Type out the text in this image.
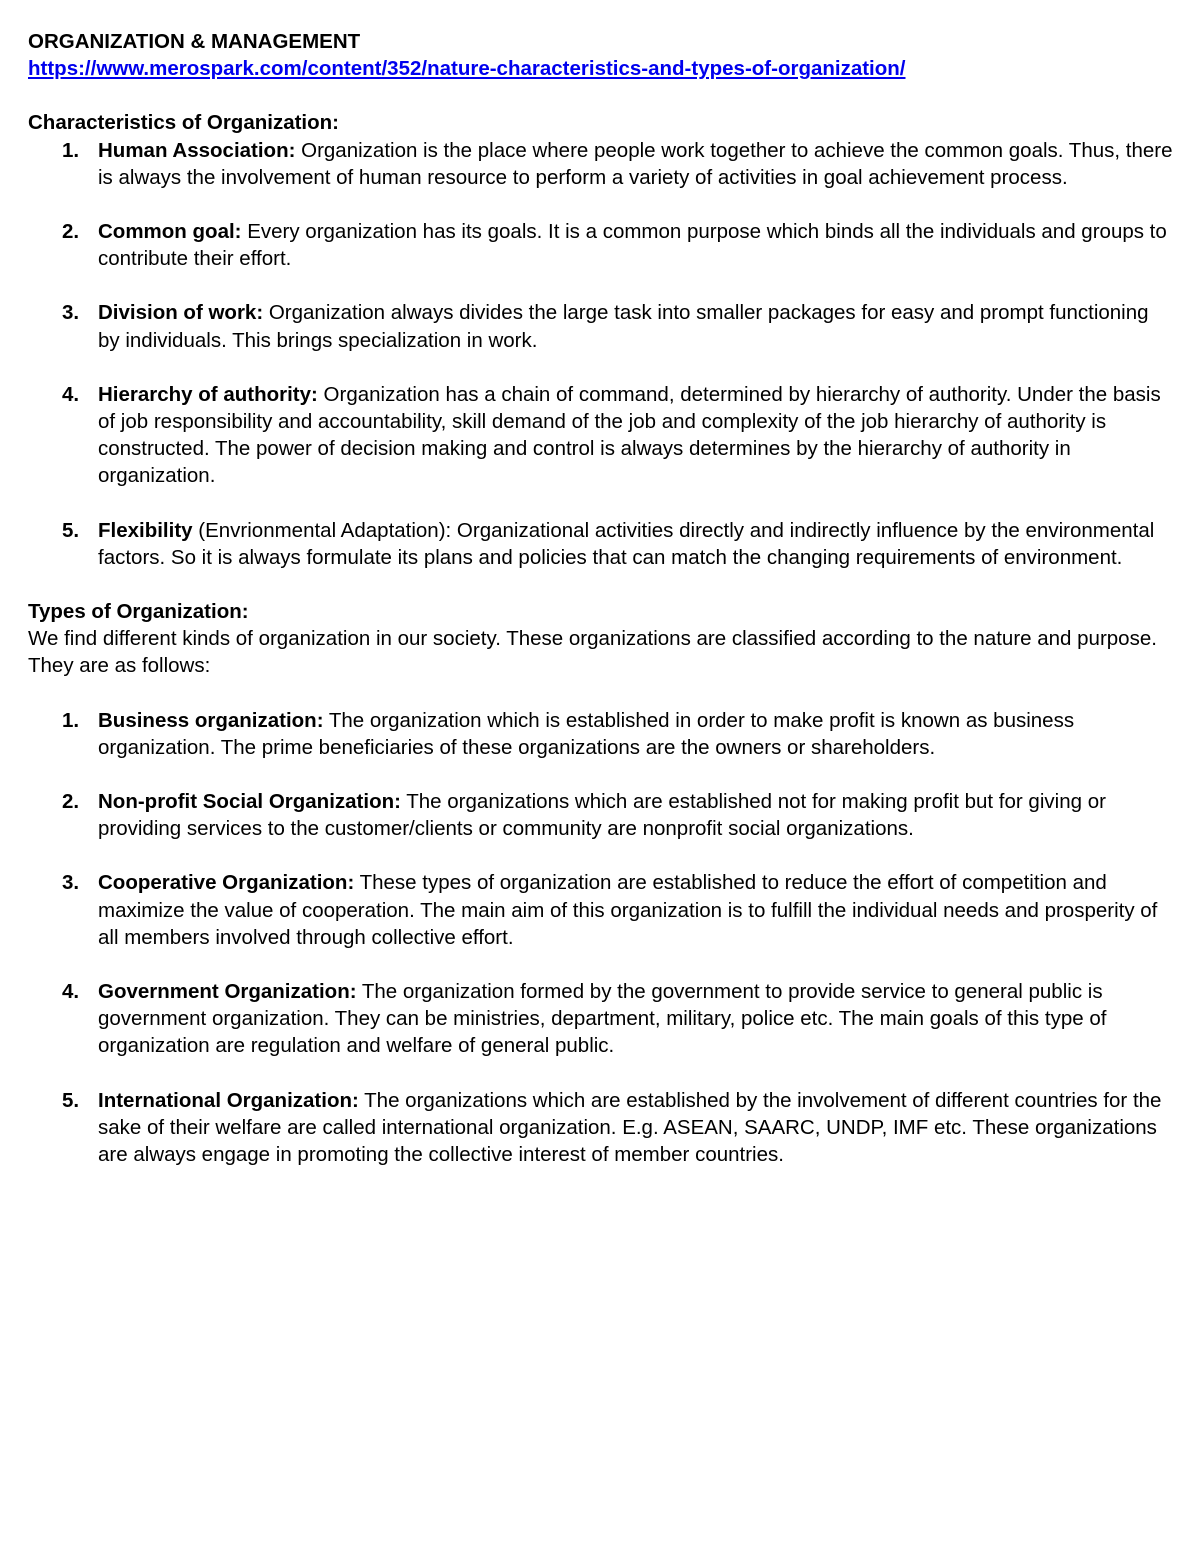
ORGANIZATION & MANAGEMENT
https://www.merospark.com/content/352/nature-characteristics-and-types-of-organization/
Characteristics of Organization:
1. Human Association: Organization is the place where people work together to achieve the common goals. Thus, there is always the involvement of human resource to perform a variety of activities in goal achievement process.
2. Common goal: Every organization has its goals. It is a common purpose which binds all the individuals and groups to contribute their effort.
3. Division of work: Organization always divides the large task into smaller packages for easy and prompt functioning by individuals. This brings specialization in work.
4. Hierarchy of authority: Organization has a chain of command, determined by hierarchy of authority. Under the basis of job responsibility and accountability, skill demand of the job and complexity of the job hierarchy of authority is constructed. The power of decision making and control is always determines by the hierarchy of authority in organization.
5. Flexibility (Envrionmental Adaptation): Organizational activities directly and indirectly influence by the environmental factors. So it is always formulate its plans and policies that can match the changing requirements of environment.
Types of Organization:

We find different kinds of organization in our society. These organizations are classified according to the nature and purpose. They are as follows:

1. Business organization: The organization which is established in order to make profit is known as business organization. The prime beneficiaries of these organizations are the owners or shareholders.
2. Non-profit Social Organization: The organizations which are established not for making profit but for giving or providing services to the customer/clients or community are nonprofit social organizations.
3. Cooperative Organization: These types of organization are established to reduce the effort of competition and maximize the value of cooperation. The main aim of this organization is to fulfill the individual needs and prosperity of all members involved through collective effort.
4. Government Organization: The organization formed by the government to provide service to general public is government organization. They can be ministries, department, military, police etc. The main goals of this type of organization are regulation and welfare of general public.
5. International Organization: The organizations which are established by the involvement of different countries for the sake of their welfare are called international organization. E.g. ASEAN, SAARC, UNDP, IMF etc. These organizations are always engage in promoting the collective interest of member countries.
